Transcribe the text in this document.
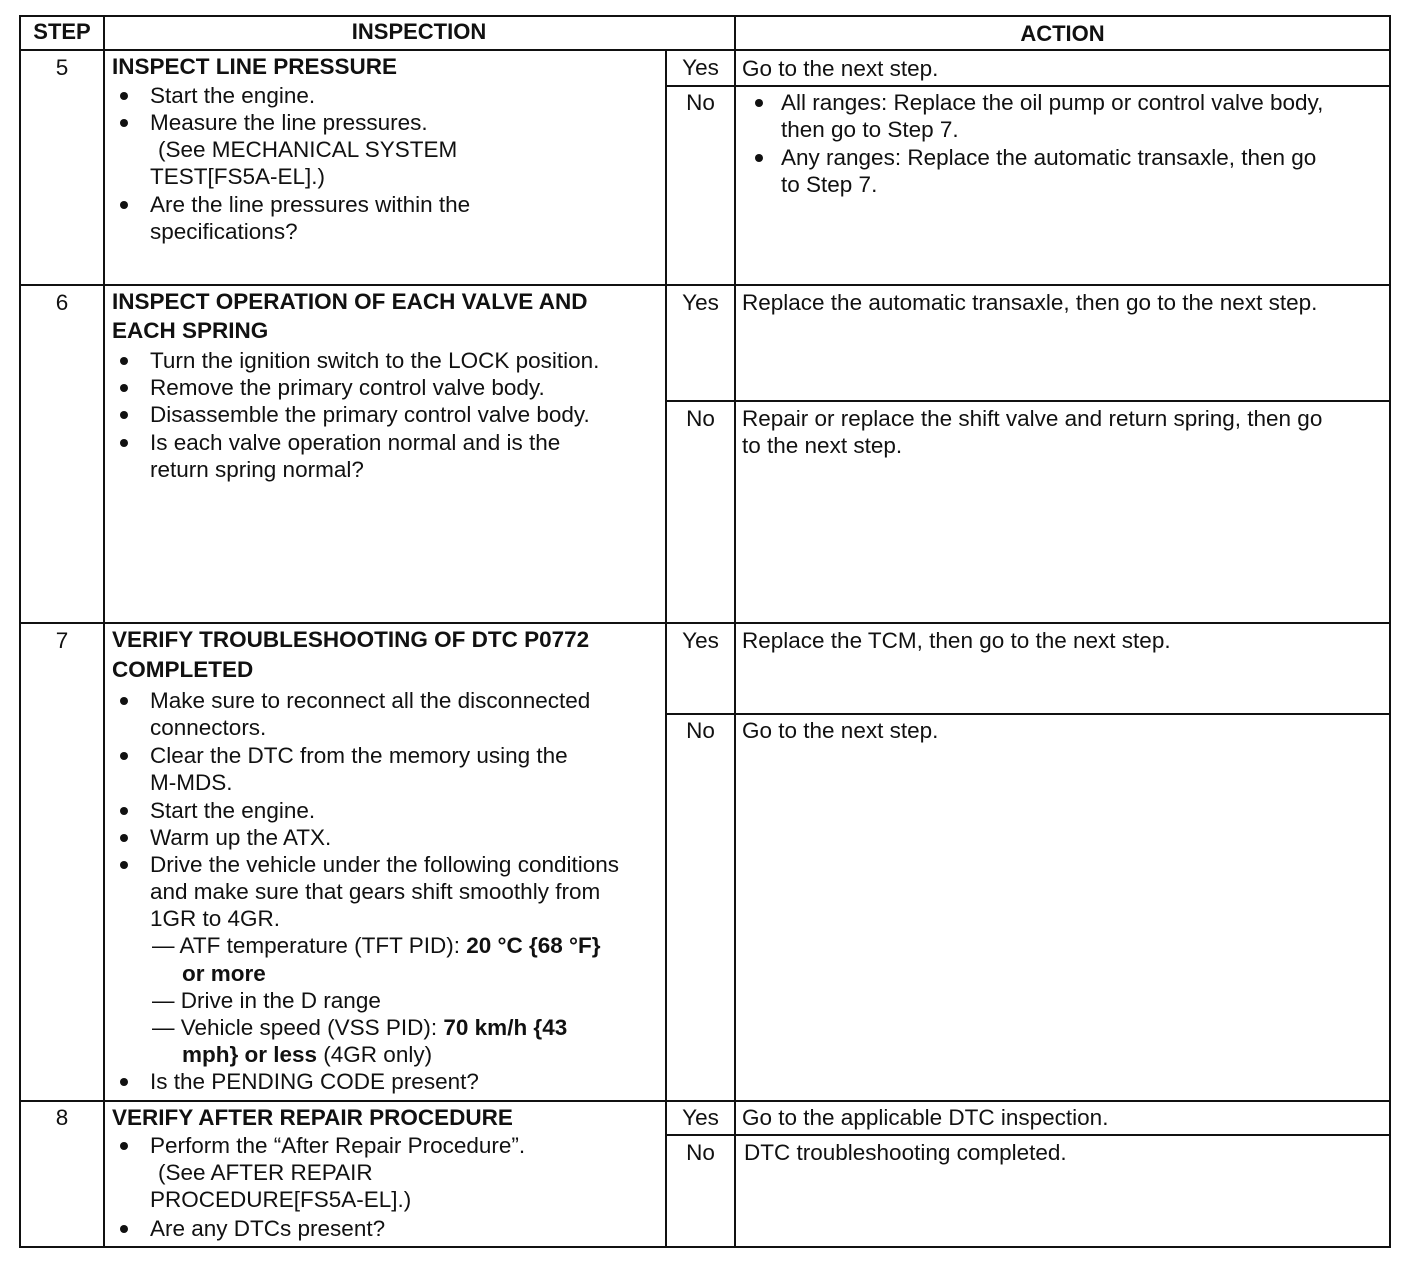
STEP	INSPECTION	ACTION
5	INSPECT LINE PRESSURE
Start the engine.
Measure the line pressures.
(See MECHANICAL SYSTEM
TEST[FS5A-EL].)
Are the line pressures within the
specifications?
Yes	Go to the next step.
No	All ranges: Replace the oil pump or control valve body,
then go to Step 7.
Any ranges: Replace the automatic transaxle, then go
to Step 7.
6	INSPECT OPERATION OF EACH VALVE AND
EACH SPRING
Turn the ignition switch to the LOCK position.
Remove the primary control valve body.
Disassemble the primary control valve body.
Is each valve operation normal and is the
return spring normal?
Yes	Replace the automatic transaxle, then go to the next step.
No	Repair or replace the shift valve and return spring, then go
to the next step.
7	VERIFY TROUBLESHOOTING OF DTC P0772
COMPLETED
Make sure to reconnect all the disconnected
connectors.
Clear the DTC from the memory using the
M-MDS.
Start the engine.
Warm up the ATX.
Drive the vehicle under the following conditions
and make sure that gears shift smoothly from
1GR to 4GR.
— ATF temperature (TFT PID): 20 °C {68 °F}
or more
— Drive in the D range
— Vehicle speed (VSS PID): 70 km/h {43
mph} or less (4GR only)
Is the PENDING CODE present?
Yes	Replace the TCM, then go to the next step.
No	Go to the next step.
8	VERIFY AFTER REPAIR PROCEDURE
Perform the “After Repair Procedure”.
(See AFTER REPAIR
PROCEDURE[FS5A-EL].)
Are any DTCs present?
Yes	Go to the applicable DTC inspection.
No	DTC troubleshooting completed.
